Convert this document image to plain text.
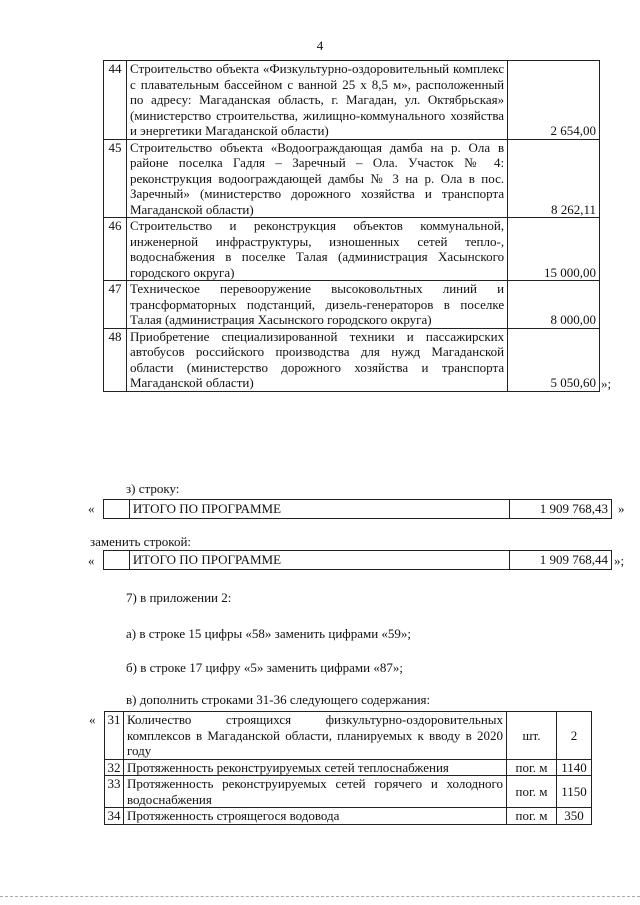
4
44	Строительство объекта «Физкультурно-оздоровительный комплекс с плавательным бассейном с ванной 25 х 8,5 м», расположенный по адресу: Магаданская область, г. Магадан, ул. Октябрьская» (министерство строительства, жилищно-коммунального хозяйства и энергетики Магаданской области)	2 654,00
45	Строительство объекта «Водоограждающая дамба на р. Ола в районе поселка Гадля – Заречный – Ола. Участок № 4: реконструкция водоограждающей дамбы № 3 на р. Ола в пос. Заречный» (министерство дорожного хозяйства и транспорта Магаданской области)	8 262,11
46	Строительство и реконструкция объектов коммунальной, инженерной инфраструктуры, изношенных сетей тепло-, водоснабжения в поселке Талая (администрация Хасынского городского округа)	15 000,00
47	Техническое перевооружение высоковольтных линий и трансформаторных подстанций, дизель-генераторов в поселке Талая (администрация Хасынского городского округа)	8 000,00
48	Приобретение специализированной техники и пассажирских автобусов российского производства для нужд Магаданской области (министерство дорожного хозяйства и транспорта Магаданской области)	5 050,60 »;
з) строку:
«
		ИТОГО ПО ПРОГРАММЕ	1 909 768,43 »
заменить строкой:
«
		ИТОГО ПО ПРОГРАММЕ	1 909 768,44 »;
7) в приложении 2:
а) в строке 15 цифры «58» заменить цифрами «59»;
б) в строке 17 цифру «5» заменить цифрами «87»;
в) дополнить строками 31-36 следующего содержания:
« 31	Количество строящихся физкультурно-оздоровительных комплексов в Магаданской области, планируемых к вводу в 2020 году	шт.	2
32	Протяженность реконструируемых сетей теплоснабжения	пог. м	1140
33	Протяженность реконструируемых сетей горячего и холодного водоснабжения	пог. м	1150
34	Протяженность строящегося водовода	пог. м	350
